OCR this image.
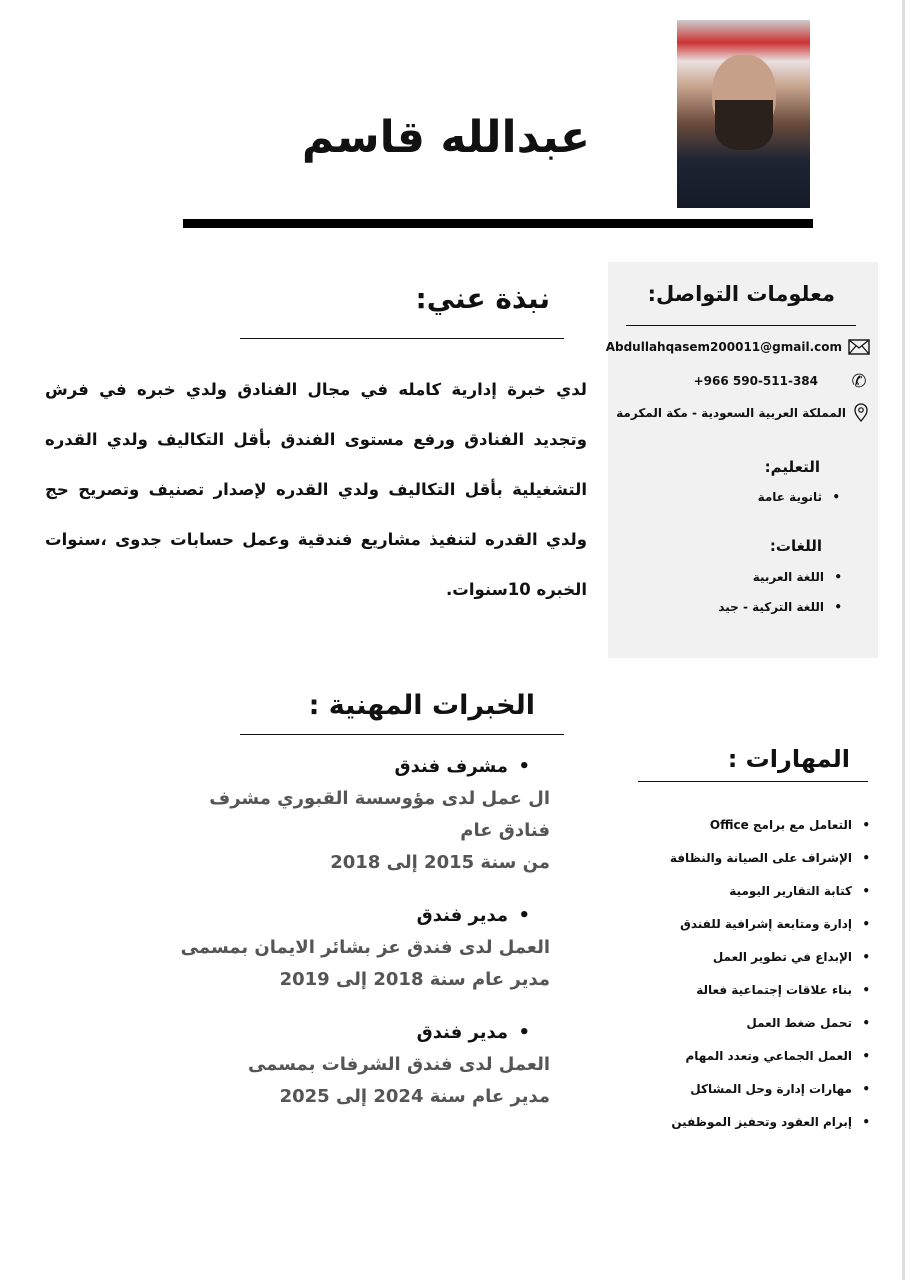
عبدالله قاسم
نبذة عني:

لدي خبرة إدارية كامله في مجال الفنادق ولدي خبره في فرش وتجديد الفنادق ورفع مستوى الفندق بأقل التكاليف ولدي القدره التشغيلية بأقل التكاليف ولدي القدره لإصدار تصنيف وتصريح حج ولدي القدره لتنفيذ مشاريع فندقية وعمل حسابات جدوى ،سنوات الخبره 10سنوات.

معلومات التواصل:
Abdullahqasem200011@gmail.com
✆
+966 590-511-384
المملكة العربية السعودية - مكة المكرمة
التعليم:
• ثانوية عامة
اللغات:
• اللغة العربية
• اللغة التركية - جيد
الخبرات المهنية :
• مشرف فندق
ال عمل لدى مؤوسسة القبوري مشرف فنادق عام
من سنة 2015 إلى 2018
• مدير فندق
العمل لدى فندق عز بشائر الايمان بمسمى
مدير عام سنة 2018 إلى 2019
• مدير فندق
العمل لدى فندق الشرفات بمسمى
مدير عام سنة 2024 إلى 2025
المهارات :
• التعامل مع برامج Office
• الإشراف على الصيانة والنظافة
• كتابة التقارير اليومية
• إدارة ومتابعة إشرافية للفندق
• الإبداع في تطوير العمل
• بناء علاقات إجتماعية فعالة
• تحمل ضغط العمل
• العمل الجماعي وتعدد المهام
• مهارات إدارة وحل المشاكل
• إبرام العقود وتحفيز الموظفين
